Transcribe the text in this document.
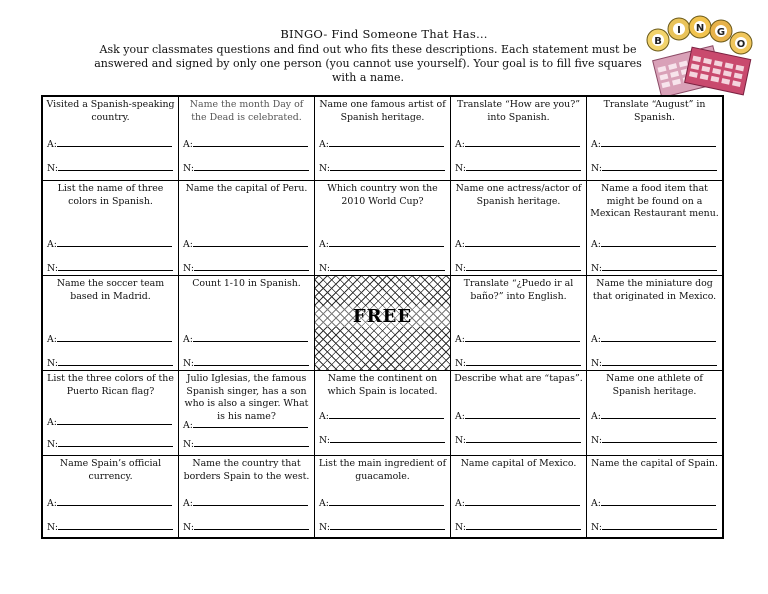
BINGO- Find Someone That Has…
Ask your classmates questions and find out who fits these descriptions. Each statement must be answered and signed by only one person (you cannot use yourself). Your goal is to fill five squares with a name.
B
I N G
O
Visited a Spanish-speaking country.
A:
N:
Name the month Day of the Dead is celebrated.
A:
N:
Name one famous artist of Spanish heritage.
A:
N:
Translate “How are you?” into Spanish.
A:
N:
Translate “August” in Spanish.
A:
N:
List the name of three colors in Spanish.
A:
N:
Name the capital of Peru.
A:
N:
Which country won the 2010 World Cup?
A:
N:
Name one actress/actor of Spanish heritage.
A:
N:
Name a food item that might be found on a Mexican Restaurant menu.
A:
N:
Name the soccer team based in Madrid.
A:
N:
Count 1-10 in Spanish.
A:
N:
FREE
Translate “¿Puedo ir al baño?” into English.
A:
N:
Name the miniature dog that originated in Mexico.
A:
N:
List the three colors of the Puerto Rican flag?
A:
N:
Julio Iglesias, the famous Spanish singer, has a son who is also a singer. What is his name?
A:
N:
Name the continent on which Spain is located.
A:
N:
Describe what are “tapas”.
A:
N:
Name one athlete of Spanish heritage.
A:
N:
Name Spain’s official currency.
A:
N:
Name the country that borders Spain to the west.
A:
N:
List the main ingredient of guacamole.
A:
N:
Name capital of Mexico.
A:
N:
Name the capital of Spain.
A:
N:
